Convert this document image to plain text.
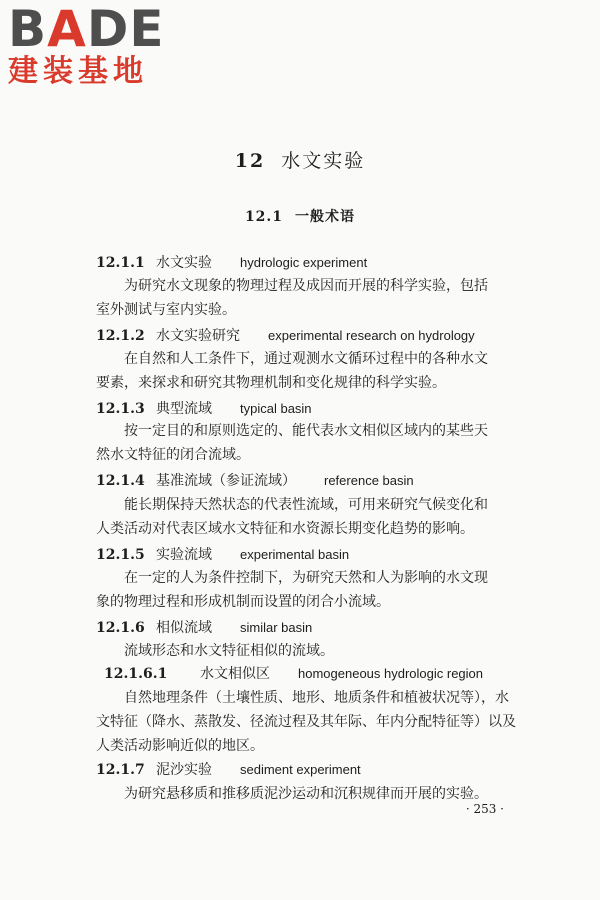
BADE
建装基地
12 水文实验
12.1 一般术语
12.1.1 水文实验 hydrologic experiment
为研究水文现象的物理过程及成因而开展的科学实验，包括
室外测试与室内实验。
12.1.2 水文实验研究 experimental research on hydrology
在自然和人工条件下，通过观测水文循环过程中的各种水文
要素，来探求和研究其物理机制和变化规律的科学实验。
12.1.3 典型流域 typical basin
按一定目的和原则选定的、能代表水文相似区域内的某些天
然水文特征的闭合流域。
12.1.4 基准流域（参证流域） reference basin
能长期保持天然状态的代表性流域，可用来研究气候变化和
人类活动对代表区域水文特征和水资源长期变化趋势的影响。
12.1.5 实验流域 experimental basin
在一定的人为条件控制下，为研究天然和人为影响的水文现
象的物理过程和形成机制而设置的闭合小流域。
12.1.6 相似流域 similar basin
流域形态和水文特征相似的流域。
12.1.6.1 水文相似区 homogeneous hydrologic region
自然地理条件（土壤性质、地形、地质条件和植被状况等），水
文特征（降水、蒸散发、径流过程及其年际、年内分配特征等）以及
人类活动影响近似的地区。
12.1.7 泥沙实验 sediment experiment
为研究悬移质和推移质泥沙运动和沉积规律而开展的实验。
· 253 ·
